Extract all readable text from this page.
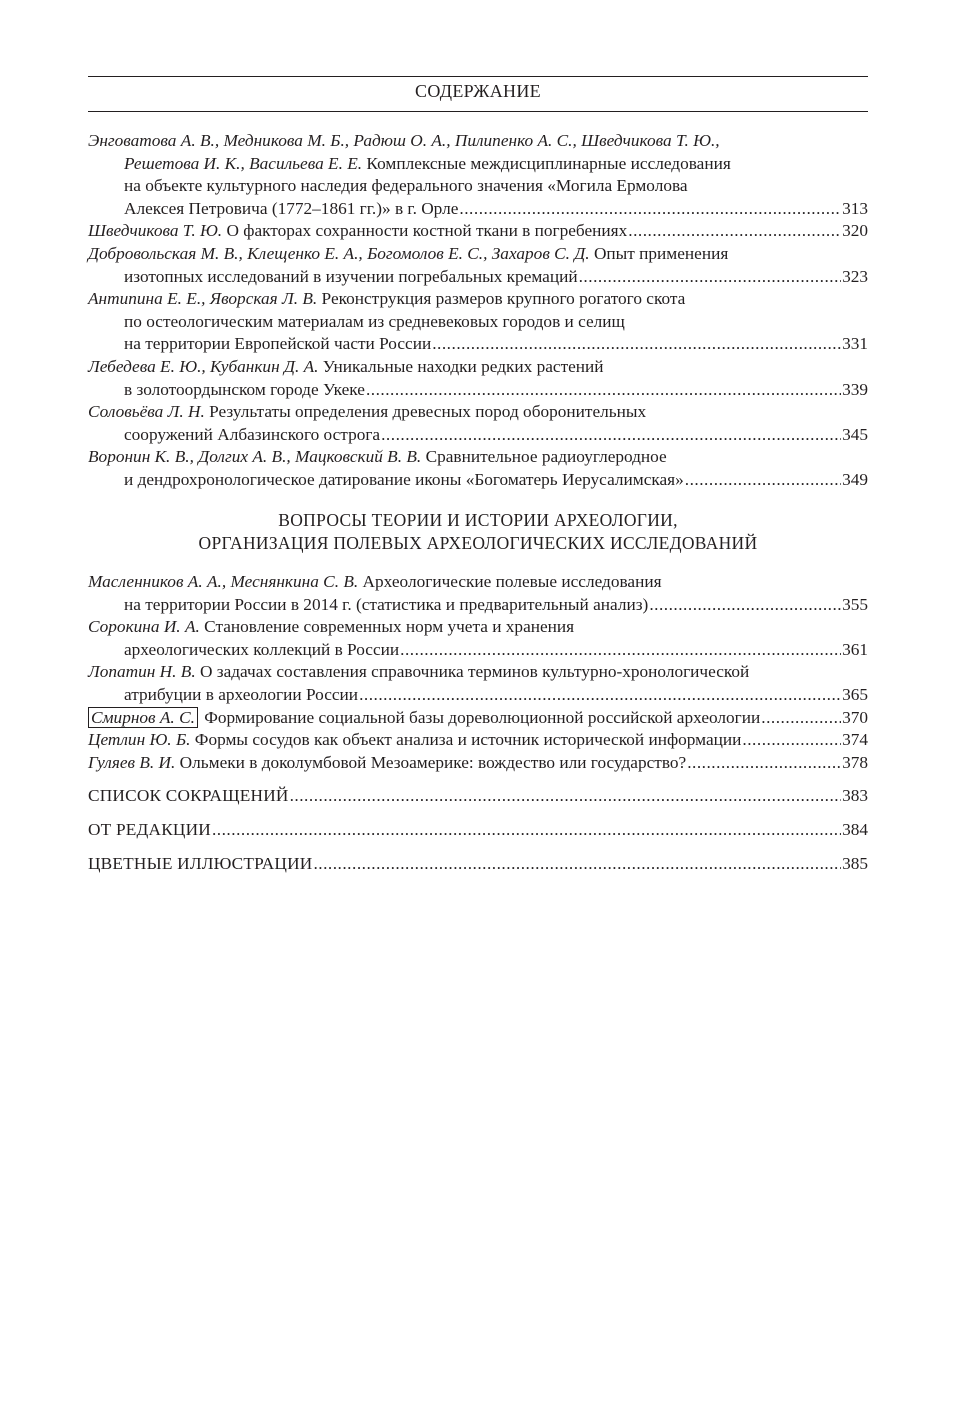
СОДЕРЖАНИЕ
Энговатова А. В., Медникова М. Б., Радюш О. А., Пилипенко А. С., Шведчикова Т. Ю.,
Решетова И. К., Васильева Е. Е. Комплексные междисциплинарные исследования
на объекте культурного наследия федерального значения «Могила Ермолова
Алексея Петровича (1772–1861 гг.)» в г. Орле .....	313
Шведчикова Т. Ю. О факторах сохранности костной ткани в погребениях .....	320
Добровольская М. В., Клещенко Е. А., Богомолов Е. С., Захаров С. Д. Опыт применения
изотопных исследований в изучении погребальных кремаций .....	323
Антипина Е. Е., Яворская Л. В. Реконструкция размеров крупного рогатого скота
по остеологическим материалам из средневековых городов и селищ
на территории Европейской части России .....	331
Лебедева Е. Ю., Кубанкин Д. А. Уникальные находки редких растений
в золотоордынском городе Укеке .....	339
Соловьёва Л. Н. Результаты определения древесных пород оборонительных
сооружений Албазинского острога .....	345
Воронин К. В., Долгих А. В., Мацковский В. В. Сравнительное радиоуглеродное
и дендрохронологическое датирование иконы «Богоматерь Иерусалимская» .....	349
ВОПРОСЫ ТЕОРИИ И ИСТОРИИ АРХЕОЛОГИИ,
ОРГАНИЗАЦИЯ ПОЛЕВЫХ АРХЕОЛОГИЧЕСКИХ ИССЛЕДОВАНИЙ
Масленников А. А., Меснянкина С. В. Археологические полевые исследования
на территории России в 2014 г. (статистика и предварительный анализ) .....	355
Сорокина И. А. Становление современных норм учета и хранения
археологических коллекций в России .....	361
Лопатин Н. В. О задачах составления справочника терминов культурно-хронологической
атрибуции в археологии России .....	365
Смирнов А. С. Формирование социальной базы дореволюционной российской археологии .....	370
Цетлин Ю. Б. Формы сосудов как объект анализа и источник исторической информации .....	374
Гуляев В. И. Ольмеки в доколумбовой Мезоамерике: вождество или государство? .....	378
СПИСОК СОКРАЩЕНИЙ .....	383
ОТ РЕДАКЦИИ .....	384
ЦВЕТНЫЕ ИЛЛЮСТРАЦИИ .....	385
